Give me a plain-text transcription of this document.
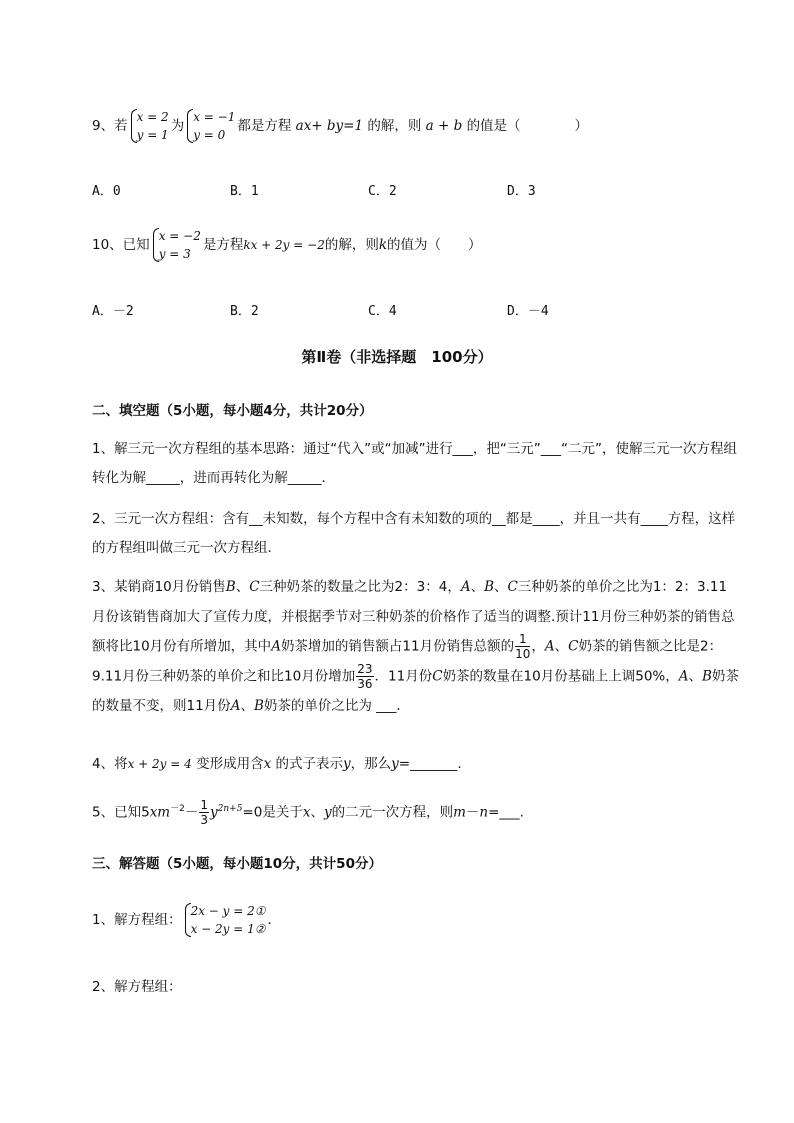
9、若
x = 2
y = 1
为
x = −1
y = 0
都是方程 ax+ by=1 的解，则 a + b 的值是（　　　　）
A．0	B．1	C．2	D．3
10、已知
x = −2
y = 3
是方程kx + 2y = −2的解，则k的值为（　　）
A．－2	B．2	C．4	D．－4
第Ⅱ卷（非选择题　100分）
二、填空题（5小题，每小题4分，共计20分）
1、解三元一次方程组的基本思路：通过“代入”或“加减”进行___，把“三元”___“二元”，使解三元一次方程组转化为解_____，进而再转化为解_____．
2、三元一次方程组：含有__未知数，每个方程中含有未知数的项的__都是____，并且一共有____方程，这样的方程组叫做三元一次方程组．
3、某销商10月份销售B、C三种奶茶的数量之比为2：3：4，A、B、C三种奶茶的单价之比为1：2：3.11月份该销售商加大了宣传力度，并根据季节对三种奶茶的价格作了适当的调整.预计11月份三种奶茶的销售总额将比10月份有所增加，其中A奶茶增加的销售额占11月份销售总额的 $\frac{1}{10}$ ，A、C奶茶的销售额之比是2：9.11月份三种奶茶的单价之和比10月份增加 $\frac{23}{36}$ ．11月份C奶茶的数量在10月份基础上上调50%，A、B奶茶的数量不变，则11月份A、B奶茶的单价之比为 ___．
4、将x + 2y = 4 变形成用含x 的式子表示y，那么y=_______.
5、已知$5xm^{-2}- \frac{1}{3} y^{2n+5}=0$是关于x、y的二元一次方程，则m－n=___.
三、解答题（5小题，每小题10分，共计50分）
1、解方程组：
2x − y = 2①
x − 2y = 1②
．
2、解方程组：
